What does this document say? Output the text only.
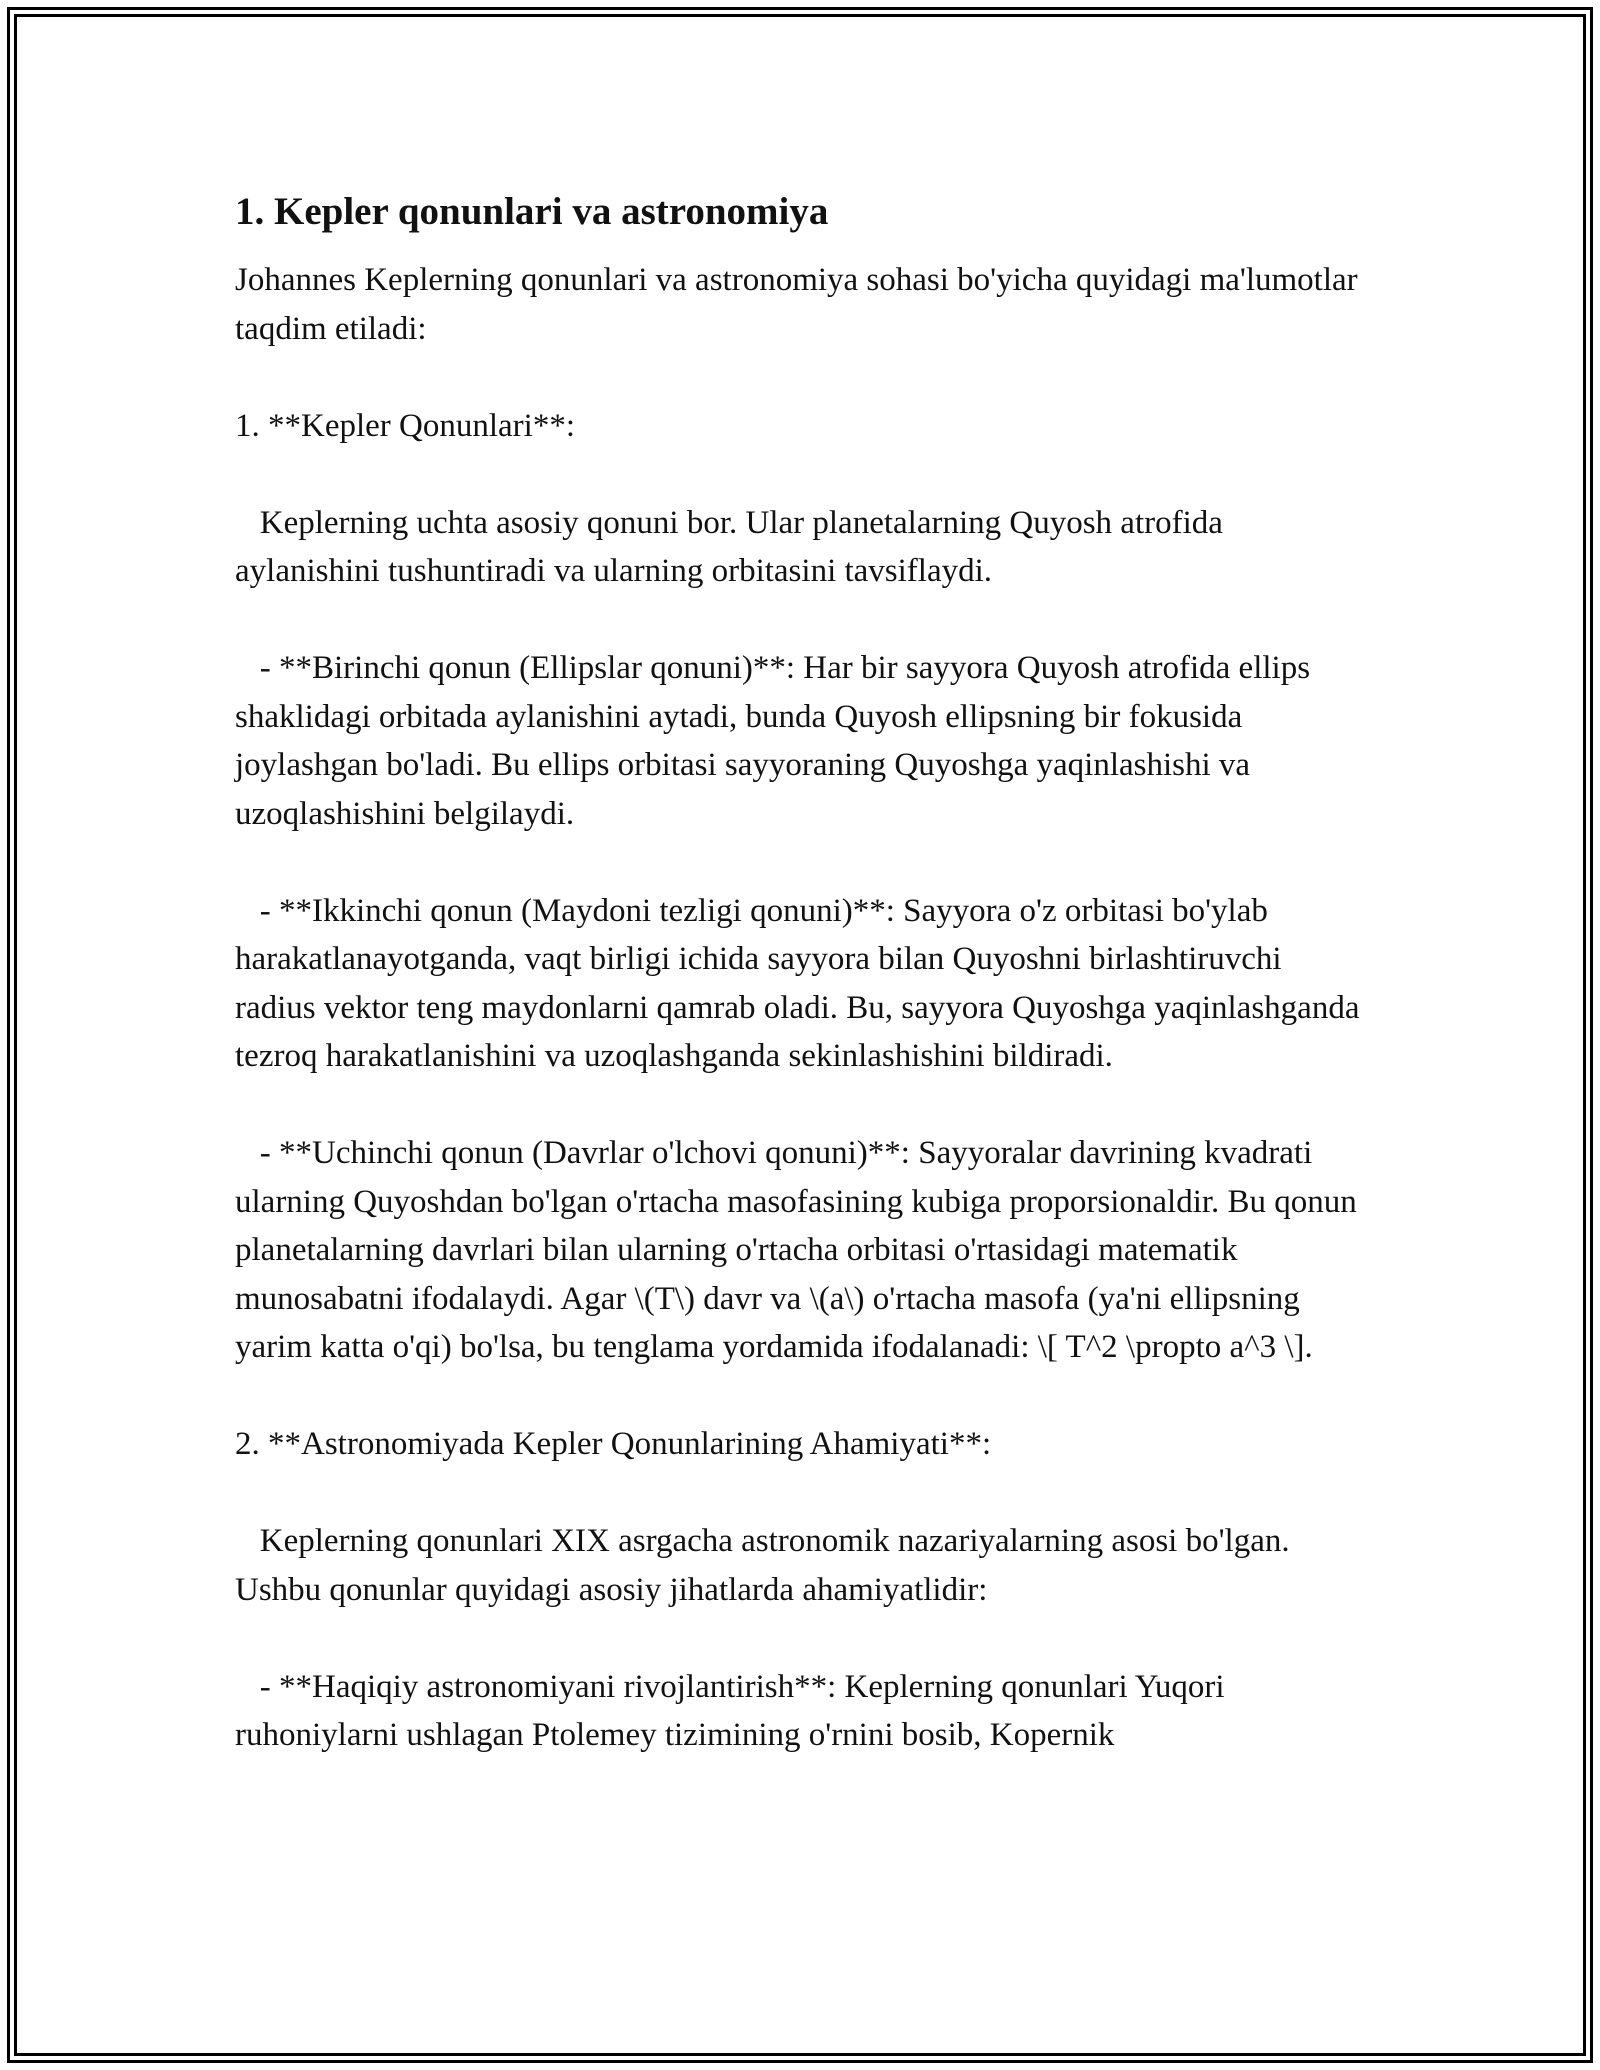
1. Kepler qonunlari va astronomiya
Johannes Keplerning qonunlari va astronomiya sohasi bo'yicha quyidagi ma'lumotlar taqdim etiladi:
1. **Kepler Qonunlari**:
Keplerning uchta asosiy qonuni bor. Ular planetalarning Quyosh atrofida aylanishini tushuntiradi va ularning orbitasini tavsiflaydi.
- **Birinchi qonun (Ellipslar qonuni)**: Har bir sayyora Quyosh atrofida ellips shaklidagi orbitada aylanishini aytadi, bunda Quyosh ellipsning bir fokusida joylashgan bo'ladi. Bu ellips orbitasi sayyoraning Quyoshga yaqinlashishi va uzoqlashishini belgilaydi.
- **Ikkinchi qonun (Maydoni tezligi qonuni)**: Sayyora o'z orbitasi bo'ylab harakatlanayotganda, vaqt birligi ichida sayyora bilan Quyoshni birlashtiruvchi radius vektor teng maydonlarni qamrab oladi. Bu, sayyora Quyoshga yaqinlashganda tezroq harakatlanishini va uzoqlashganda sekinlashishini bildiradi.
- **Uchinchi qonun (Davrlar o'lchovi qonuni)**: Sayyoralar davrining kvadrati ularning Quyoshdan bo'lgan o'rtacha masofasining kubiga proporsionaldir. Bu qonun planetalarning davrlari bilan ularning o'rtacha orbitasi o'rtasidagi matematik munosabatni ifodalaydi. Agar \(T\) davr va \(a\) o'rtacha masofa (ya'ni ellipsning yarim katta o'qi) bo'lsa, bu tenglama yordamida ifodalanadi: \[ T^2 \propto a^3 \].
2. **Astronomiyada Kepler Qonunlarining Ahamiyati**:
Keplerning qonunlari XIX asrgacha astronomik nazariyalarning asosi bo'lgan. Ushbu qonunlar quyidagi asosiy jihatlarda ahamiyatlidir:
- **Haqiqiy astronomiyani rivojlantirish**: Keplerning qonunlari Yuqori ruhoniylarni ushlagan Ptolemey tizimining o'rnini bosib, Kopernik
